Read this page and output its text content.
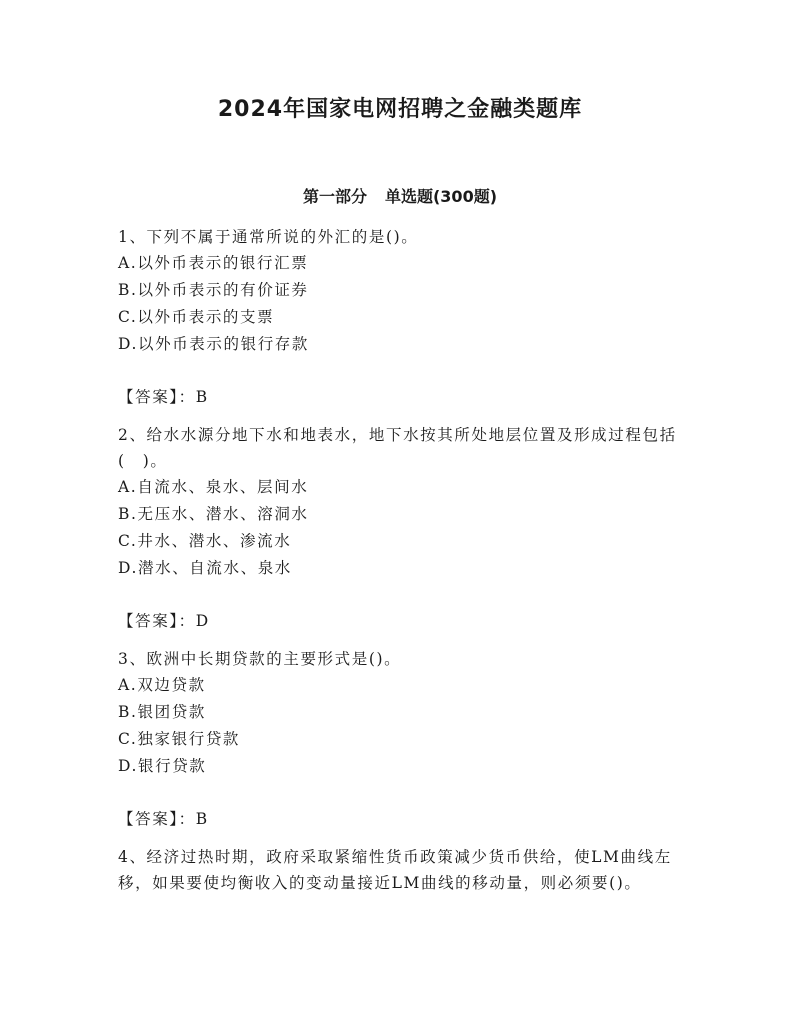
2024年国家电网招聘之金融类题库
第一部分 单选题(300题)

1、下列不属于通常所说的外汇的是()。

A.以外币表示的银行汇票

B.以外币表示的有价证券

C.以外币表示的支票

D.以外币表示的银行存款

【答案】：B

2、给水水源分地下水和地表水，地下水按其所处地层位置及形成过程包括(　)。

A.自流水、泉水、层间水

B.无压水、潜水、溶洞水

C.井水、潜水、渗流水

D.潜水、自流水、泉水

【答案】：D

3、欧洲中长期贷款的主要形式是()。

A.双边贷款

B.银团贷款

C.独家银行贷款

D.银行贷款

【答案】：B

4、经济过热时期，政府采取紧缩性货币政策减少货币供给，使LM曲线左移，如果要使均衡收入的变动量接近LM曲线的移动量，则必须要()。
